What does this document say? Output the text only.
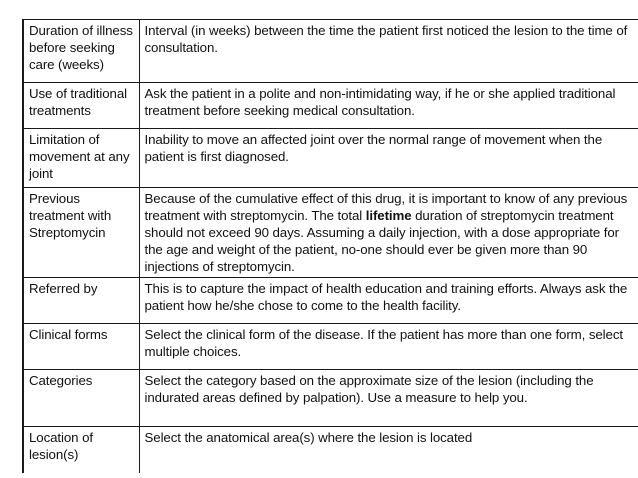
Duration of illness before seeking care (weeks)	Interval (in weeks) between the time the patient first noticed the lesion to the time of consultation.
Use of traditional treatments	Ask the patient in a polite and non-intimidating way, if he or she applied traditional treatment before seeking medical consultation.
Limitation of movement at any joint	Inability to move an affected joint over the normal range of movement when the patient is first diagnosed.
Previous treatment with Streptomycin	Because of the cumulative effect of this drug, it is important to know of any previous treatment with streptomycin. The total lifetime duration of streptomycin treatment should not exceed 90 days. Assuming a daily injection, with a dose appropriate for the age and weight of the patient, no-one should ever be given more than 90 injections of streptomycin.
Referred by	This is to capture the impact of health education and training efforts. Always ask the patient how he/she chose to come to the health facility.
Clinical forms	Select the clinical form of the disease. If the patient has more than one form, select multiple choices.
Categories	Select the category based on the approximate size of the lesion (including the indurated areas defined by palpation). Use a measure to help you.
Location of lesion(s)	Select the anatomical area(s) where the lesion is located
